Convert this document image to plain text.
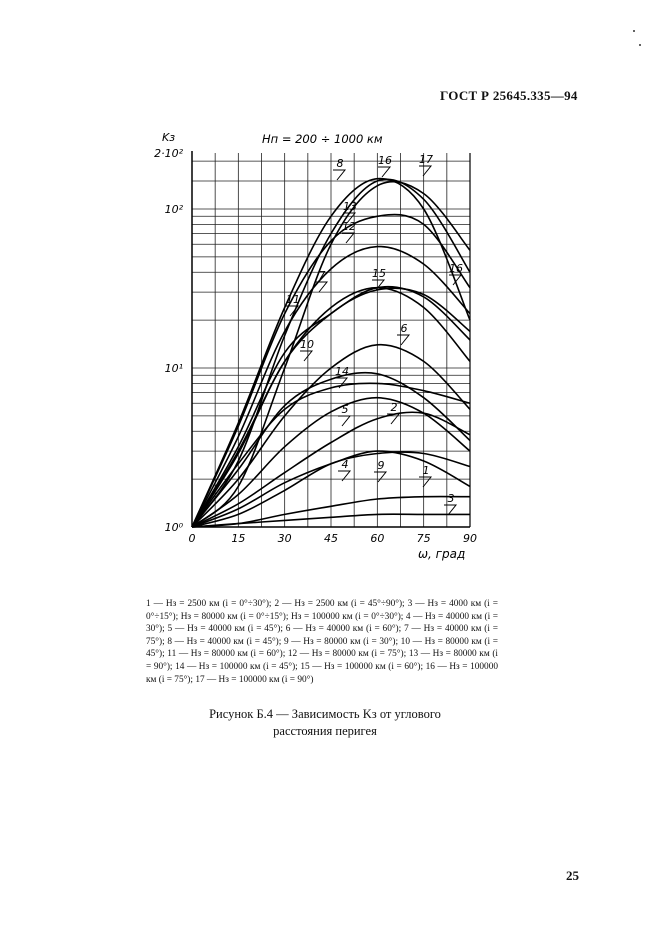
ГОСТ Р 25645.335—94
0	15	30	45	60	75	90
10⁰
10¹
10²
2·10²
8	16 17
13
12
7	15	16
11
6
10
14
5	2
4	9	1
3
Kз	Hп = 200 ÷ 1000 км
ω, град
1 — Hз = 2500 км (i = 0°÷30°); 2 — Hз = 2500 км (i = 45°÷90°); 3 — Hз = 4000 км (i = 0°÷15°); Hз = 80000 км (i = 0°÷15°); Hз = 100000 км (i = 0°÷30°); 4 — Hз = 40000 км (i = 30°); 5 — Hз = 40000 км (i = 45°); 6 — Hз = 40000 км (i = 60°); 7 — Hз = 40000 км (i = 75°); 8 — Hз = 40000 км (i = 45°); 9 — Hз = 80000 км (i = 30°); 10 — Hз = 80000 км (i = 45°); 11 — Hз = 80000 км (i = 60°); 12 — Hз = 80000 км (i = 75°); 13 — Hз = 80000 км (i = 90°); 14 — Hз = 100000 км (i = 45°); 15 — Hз = 100000 км (i = 60°); 16 — Hз = 100000 км (i = 75°); 17 — Hз = 100000 км (i = 90°)
Рисунок Б.4 — Зависимость Kз от углового
расстояния перигея
25
